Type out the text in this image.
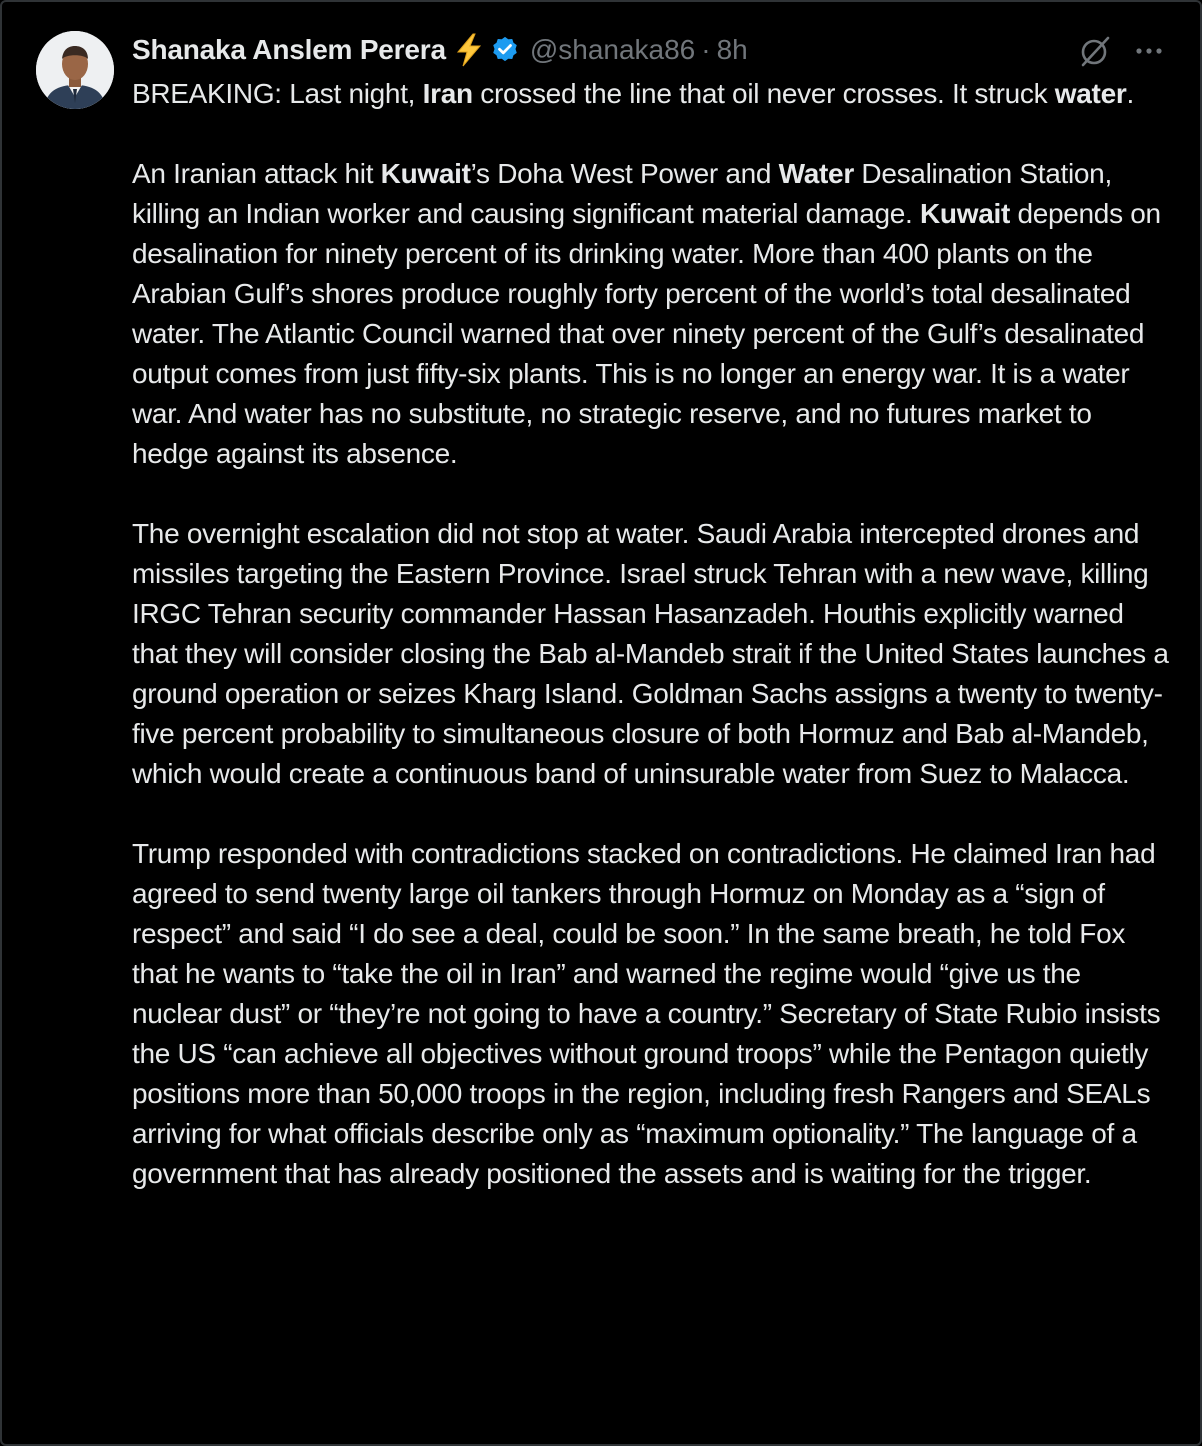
Shanaka Anslem Perera	@shanaka86 · 8h

BREAKING: Last night, Iran crossed the line that oil never crosses. It struck water.

An Iranian attack hit Kuwait’s Doha West Power and Water Desalination Station, killing an Indian worker and causing significant material damage. Kuwait depends on desalination for ninety percent of its drinking water. More than 400 plants on the Arabian Gulf’s shores produce roughly forty percent of the world’s total desalinated water. The Atlantic Council warned that over ninety percent of the Gulf’s desalinated output comes from just fifty-six plants. This is no longer an energy war. It is a water war. And water has no substitute, no strategic reserve, and no futures market to hedge against its absence.

The overnight escalation did not stop at water. Saudi Arabia intercepted drones and missiles targeting the Eastern Province. Israel struck Tehran with a new wave, killing IRGC Tehran security commander Hassan Hasanzadeh. Houthis explicitly warned that they will consider closing the Bab al-Mandeb strait if the United States launches a ground operation or seizes Kharg Island. Goldman Sachs assigns a twenty to twenty-five percent probability to simultaneous closure of both Hormuz and Bab al-Mandeb, which would create a continuous band of uninsurable water from Suez to Malacca.

Trump responded with contradictions stacked on contradictions. He claimed Iran had agreed to send twenty large oil tankers through Hormuz on Monday as a “sign of respect” and said “I do see a deal, could be soon.” In the same breath, he told Fox that he wants to “take the oil in Iran” and warned the regime would “give us the nuclear dust” or “they’re not going to have a country.” Secretary of State Rubio insists the US “can achieve all objectives without ground troops” while the Pentagon quietly positions more than 50,000 troops in the region, including fresh Rangers and SEALs arriving for what officials describe only as “maximum optionality.” The language of a government that has already positioned the assets and is waiting for the trigger.
